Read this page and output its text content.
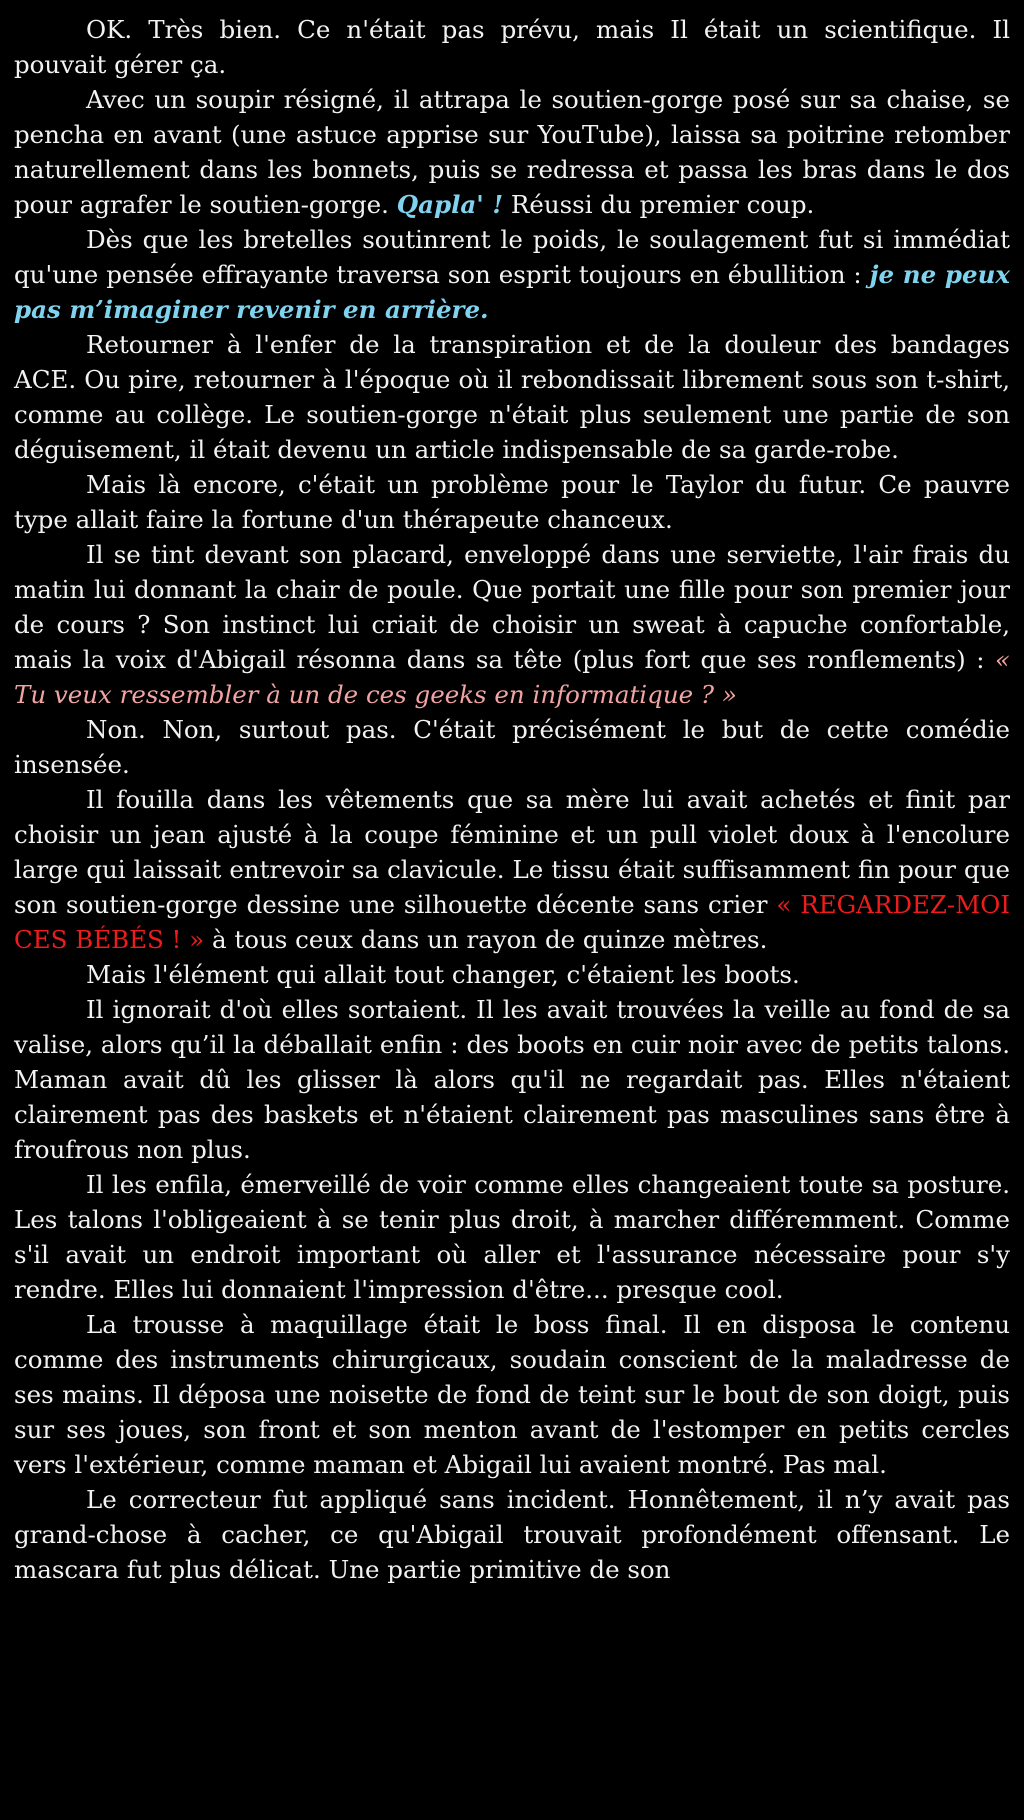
OK. Très bien. Ce n'était pas prévu, mais Il était un scientifique. Il pouvait gérer ça.

Avec un soupir résigné, il attrapa le soutien-gorge posé sur sa chaise, se pencha en avant (une astuce apprise sur YouTube), laissa sa poitrine retomber naturellement dans les bonnets, puis se redressa et passa les bras dans le dos pour agrafer le soutien-gorge. Qapla' ! Réussi du premier coup.

Dès que les bretelles soutinrent le poids, le soulagement fut si immédiat qu'une pensée effrayante traversa son esprit toujours en ébullition : je ne peux pas m’imaginer revenir en arrière.

Retourner à l'enfer de la transpiration et de la douleur des bandages ACE. Ou pire, retourner à l'époque où il rebondissait librement sous son t-shirt, comme au collège. Le soutien-gorge n'était plus seulement une partie de son déguisement, il était devenu un article indispensable de sa garde-robe.

Mais là encore, c'était un problème pour le Taylor du futur. Ce pauvre type allait faire la fortune d'un thérapeute chanceux.

Il se tint devant son placard, enveloppé dans une serviette, l'air frais du matin lui donnant la chair de poule. Que portait une fille pour son premier jour de cours ? Son instinct lui criait de choisir un sweat à capuche confortable, mais la voix d'Abigail résonna dans sa tête (plus fort que ses ronflements) : « Tu veux ressembler à un de ces geeks en informatique ? »

Non. Non, surtout pas. C'était précisément le but de cette comédie insensée.

Il fouilla dans les vêtements que sa mère lui avait achetés et finit par choisir un jean ajusté à la coupe féminine et un pull violet doux à l'encolure large qui laissait entrevoir sa clavicule. Le tissu était suffisamment fin pour que son soutien-gorge dessine une silhouette décente sans crier « REGARDEZ-MOI CES BÉBÉS ! » à tous ceux dans un rayon de quinze mètres.

Mais l'élément qui allait tout changer, c'étaient les boots.

Il ignorait d'où elles sortaient. Il les avait trouvées la veille au fond de sa valise, alors qu’il la déballait enfin : des boots en cuir noir avec de petits talons. Maman avait dû les glisser là alors qu'il ne regardait pas. Elles n'étaient clairement pas des baskets et n'étaient clairement pas masculines sans être à froufrous non plus.

Il les enfila, émerveillé de voir comme elles changeaient toute sa posture. Les talons l'obligeaient à se tenir plus droit, à marcher différemment. Comme s'il avait un endroit important où aller et l'assurance nécessaire pour s'y rendre. Elles lui donnaient l'impression d'être... presque cool.

La trousse à maquillage était le boss final. Il en disposa le contenu comme des instruments chirurgicaux, soudain conscient de la maladresse de ses mains. Il déposa une noisette de fond de teint sur le bout de son doigt, puis sur ses joues, son front et son menton avant de l'estomper en petits cercles vers l'extérieur, comme maman et Abigail lui avaient montré. Pas mal.

Le correcteur fut appliqué sans incident. Honnêtement, il n’y avait pas grand-chose à cacher, ce qu'Abigail trouvait profondément offensant. Le mascara fut plus délicat. Une partie primitive de son
